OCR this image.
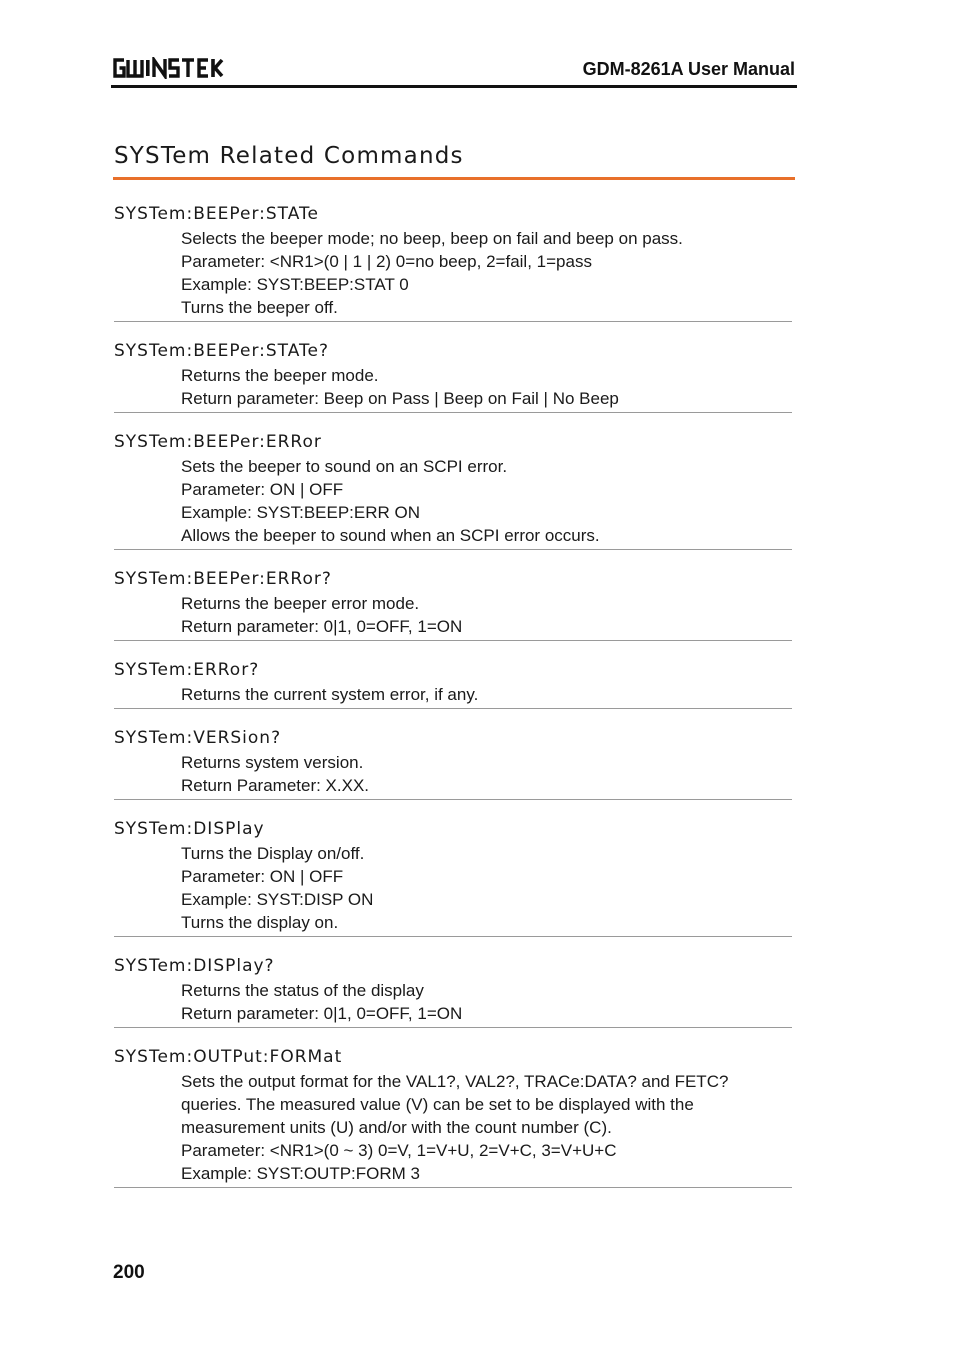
GDM-8261A User Manual
SYSTem Related Commands
SYSTem:BEEPer:STATe
Selects the beeper mode; no beep, beep on fail and beep on pass.
Parameter: <NR1>(0 | 1 | 2) 0=no beep, 2=fail, 1=pass
Example: SYST:BEEP:STAT 0
Turns the beeper off.
SYSTem:BEEPer:STATe?
Returns the beeper mode.
Return parameter: Beep on Pass | Beep on Fail | No Beep
SYSTem:BEEPer:ERRor
Sets the beeper to sound on an SCPI error.
Parameter: ON | OFF
Example: SYST:BEEP:ERR ON
Allows the beeper to sound when an SCPI error occurs.
SYSTem:BEEPer:ERRor?
Returns the beeper error mode.
Return parameter: 0|1, 0=OFF, 1=ON
SYSTem:ERRor?
Returns the current system error, if any.
SYSTem:VERSion?
Returns system version.
Return Parameter: X.XX.
SYSTem:DISPlay
Turns the Display on/off.
Parameter: ON | OFF
Example: SYST:DISP ON
Turns the display on.
SYSTem:DISPlay?
Returns the status of the display
Return parameter: 0|1, 0=OFF, 1=ON
SYSTem:OUTPut:FORMat
Sets the output format for the VAL1?, VAL2?, TRACe:DATA? and FETC?
queries. The measured value (V) can be set to be displayed with the
measurement units (U) and/or with the count number (C).
Parameter: <NR1>(0 ~ 3) 0=V, 1=V+U, 2=V+C, 3=V+U+C
Example: SYST:OUTP:FORM 3
200
